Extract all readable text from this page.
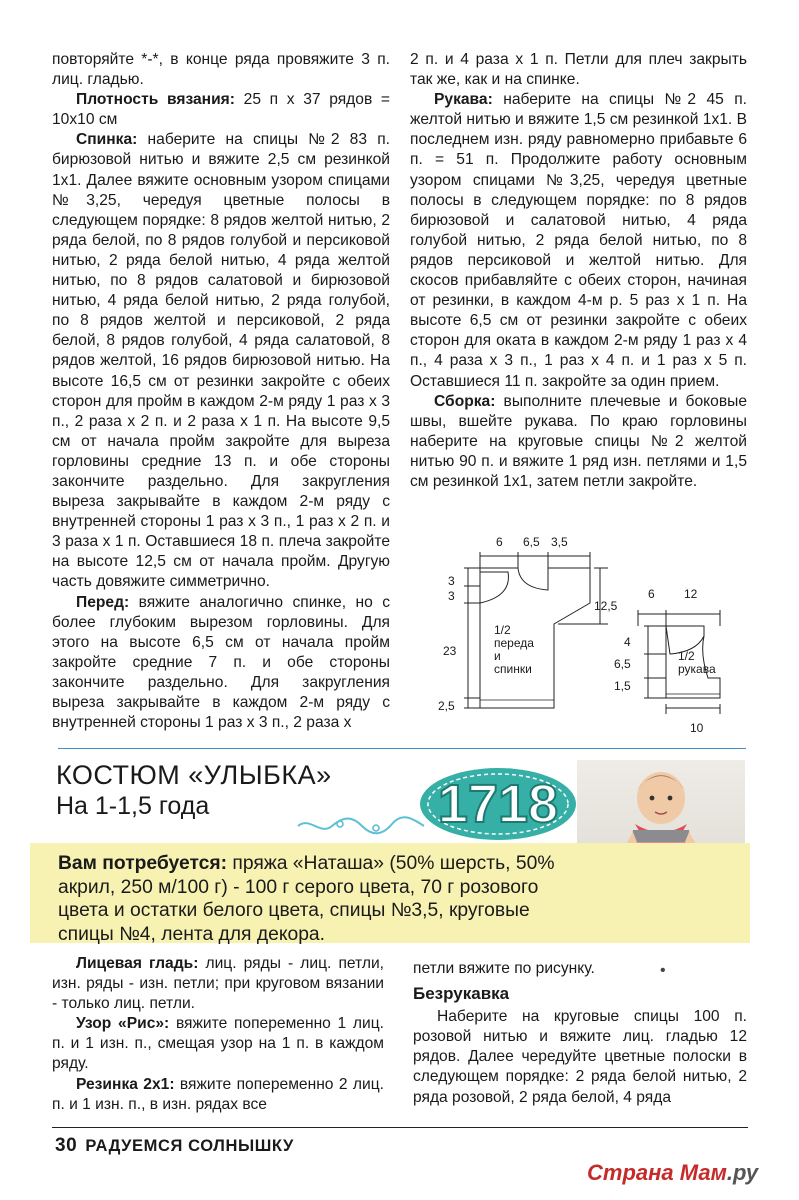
повторяйте *-*, в конце ряда провяжите 3 п. лиц. гладью.

Плотность вязания: 25 п х 37 рядов = 10х10 см

Спинка: наберите на спицы №2 83 п. бирюзовой нитью и вяжите 2,5 см резинкой 1х1. Далее вяжите основным узором спицами №3,25, чередуя цветные полосы в следующем порядке: 8 рядов желтой нитью, 2 ряда белой, по 8 рядов голубой и персиковой нитью, 2 ряда белой нитью, 4 ряда желтой нитью, по 8 рядов салатовой и бирюзовой нитью, 4 ряда белой нитью, 2 ряда голубой, по 8 рядов желтой и персиковой, 2 ряда белой, 8 рядов голубой, 4 ряда салатовой, 8 рядов желтой, 16 рядов бирюзовой нитью. На высоте 16,5 см от резинки закройте с обеих сторон для пройм в каждом 2-м ряду 1 раз х 3 п., 2 раза х 2 п. и 2 раза х 1 п. На высоте 9,5 см от начала пройм закройте для выреза горловины средние 13 п. и обе стороны закончите раздельно. Для закругления выреза закрывайте в каждом 2-м ряду с внутренней стороны 1 раз х 3 п., 1 раз х 2 п. и 3 раза х 1 п. Оставшиеся 18 п. плеча закройте на высоте 12,5 см от начала пройм. Другую часть довяжите симметрично.

Перед: вяжите аналогично спинке, но с более глубоким вырезом горловины. Для этого на высоте 6,5 см от начала пройм закройте средние 7 п. и обе стороны закончите раздельно. Для закругления выреза закрывайте в каждом 2-м ряду с внутренней стороны 1 раз х 3 п., 2 раза х

2 п. и 4 раза х 1 п. Петли для плеч закрыть так же, как и на спинке.

Рукава: наберите на спицы №2 45 п. желтой нитью и вяжите 1,5 см резинкой 1х1. В последнем изн. ряду равномерно прибавьте 6 п. = 51 п. Продолжите работу основным узором спицами №3,25, чередуя цветные полосы в следующем порядке: по 8 рядов бирюзовой и салатовой нитью, 4 ряда голубой нитью, 2 ряда белой нитью, по 8 рядов персиковой и желтой нитью. Для скосов прибавляйте с обеих сторон, начиная от резинки, в каждом 4-м р. 5 раз х 1 п. На высоте 6,5 см от резинки закройте с обеих сторон для оката в каждом 2-м ряду 1 раз х 4 п., 4 раза х 3 п., 1 раз х 4 п. и 1 раз х 5 п. Оставшиеся 11 п. закройте за один прием.

Сборка: выполните плечевые и боковые швы, вшейте рукава. По краю горловины наберите на круговые спицы №2 желтой нитью 90 п. и вяжите 1 ряд изн. петлями и 1,5 см резинкой 1х1, затем петли закройте.

6 6,5 3,5
3
3
23
2,5
12,5
1/2
переда
и
спинки
6 12
4
6,5
1,5
10
1/2
рукава
КОСТЮМ «УЛЫБКА»
На 1-1,5 года	1718
Вам потребуется: пряжа «Наташа» (50% шерсть, 50% акрил, 250 м/100 г) - 100 г серого цвета, 70 г розового цвета и остатки белого цвета, спицы №3,5, круговые спицы №4, лента для декора.

Лицевая гладь: лиц. ряды - лиц. петли, изн. ряды - изн. петли; при круговом вязании - только лиц. петли.

Узор «Рис»: вяжите попеременно 1 лиц. п. и 1 изн. п., смещая узор на 1 п. в каждом ряду.

Резинка 2х1: вяжите попеременно 2 лиц. п. и 1 изн. п., в изн. рядах все

петли вяжите по рисунку.

Безрукавка

Наберите на круговые спицы 100 п. розовой нитью и вяжите лиц. гладью 12 рядов. Далее чередуйте цветные полоски в следующем порядке: 2 ряда белой нитью, 2 ряда розовой, 2 ряда белой, 4 ряда

•
30 РАДУЕМСЯ СОЛНЫШКУ
Страна Мам.ру
